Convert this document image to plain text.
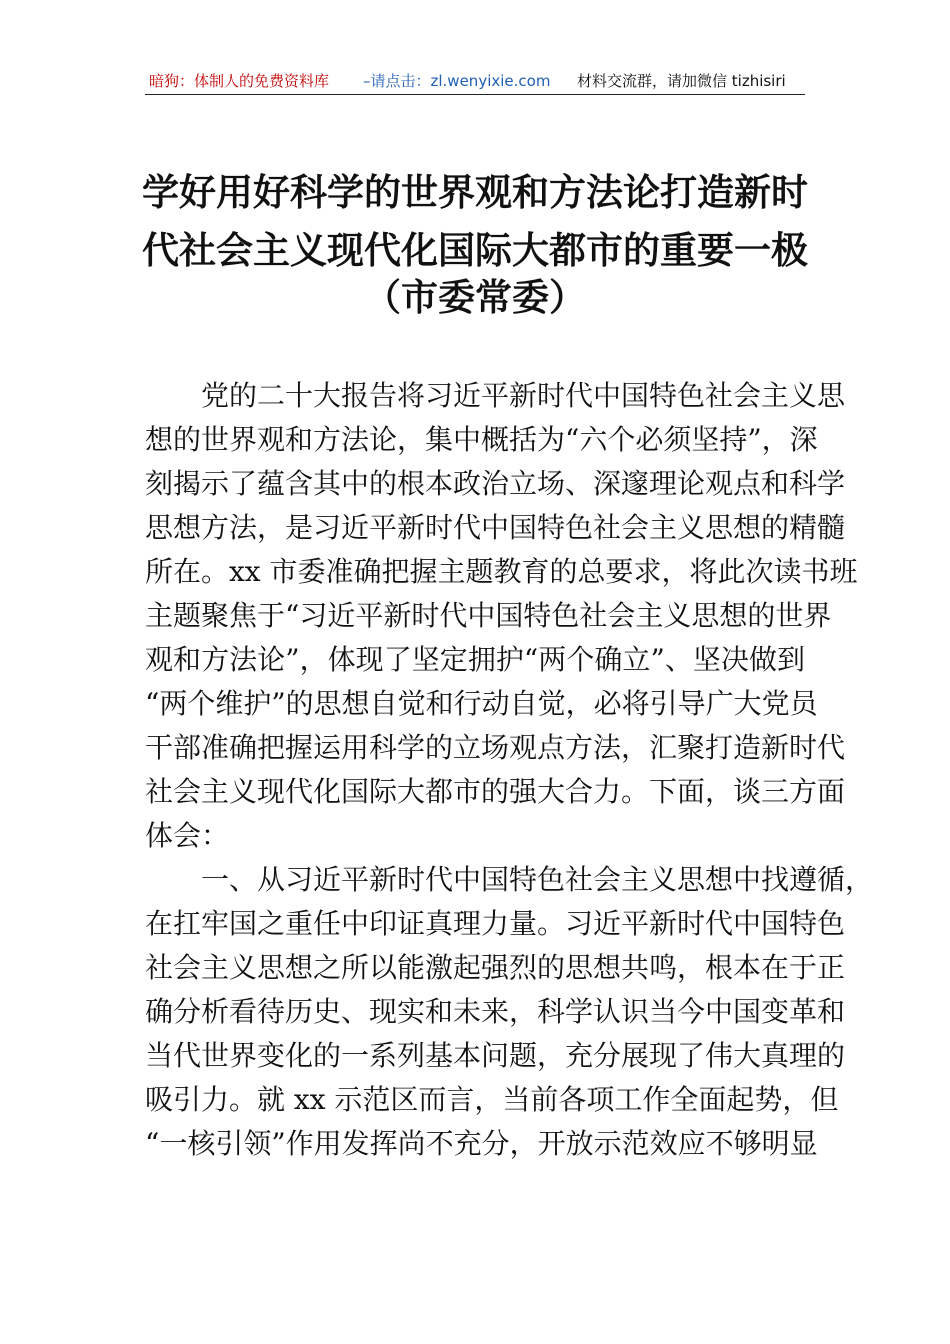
暗狗：体制人的免费资料库 –请点击：zl.wenyixie.com 材料交流群，请加微信 tizhisiri
学好用好科学的世界观和方法论打造新时
代社会主义现代化国际大都市的重要一极
（市委常委）
党的二十大报告将习近平新时代中国特色社会主义思
想的世界观和方法论，集中概括为“六个必须坚持”，深
刻揭示了蕴含其中的根本政治立场、深邃理论观点和科学
思想方法，是习近平新时代中国特色社会主义思想的精髓
所在。xx 市委准确把握主题教育的总要求，将此次读书班
主题聚焦于“习近平新时代中国特色社会主义思想的世界
观和方法论”，体现了坚定拥护“两个确立”、坚决做到
“两个维护”的思想自觉和行动自觉，必将引导广大党员
干部准确把握运用科学的立场观点方法，汇聚打造新时代
社会主义现代化国际大都市的强大合力。下面，谈三方面
体会：
一、从习近平新时代中国特色社会主义思想中找遵循，
在扛牢国之重任中印证真理力量。习近平新时代中国特色
社会主义思想之所以能激起强烈的思想共鸣，根本在于正
确分析看待历史、现实和未来，科学认识当今中国变革和
当代世界变化的一系列基本问题，充分展现了伟大真理的
吸引力。就 xx 示范区而言，当前各项工作全面起势，但
“一核引领”作用发挥尚不充分，开放示范效应不够明显
